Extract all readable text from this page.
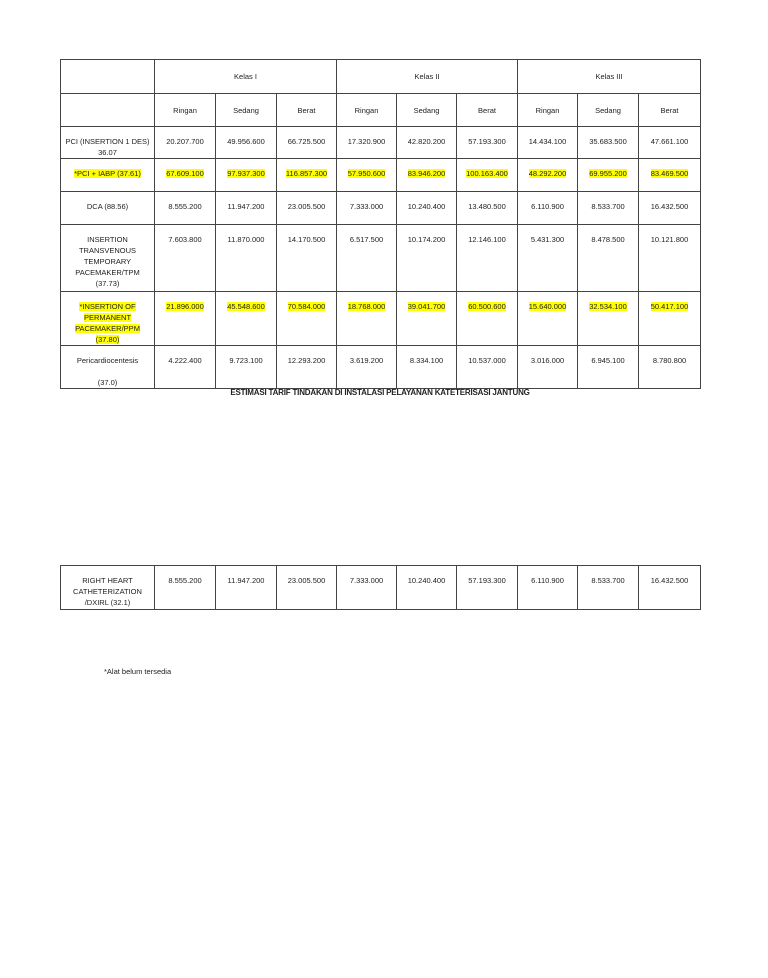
	Kelas I			Kelas II			Kelas III		
	Ringan	Sedang	Berat	Ringan	Sedang	Berat	Ringan	Sedang	Berat
PCI (INSERTION 1 DES)
36.07	20.207.700	49.956.600	66.725.500	17.320.900	42.820.200	57.193.300	14.434.100	35.683.500	47.661.100
*PCI + IABP (37.61)	67.609.100	97.937.300	116.857.300	57.950.600	83.946.200	100.163.400	48.292.200	69.955.200	83.469.500
DCA (88.56)	8.555.200	11.947.200	23.005.500	7.333.000	10.240.400	13.480.500	6.110.900	8.533.700	16.432.500
INSERTION
TRANSVENOUS
TEMPORARY
PACEMAKER/TPM
(37.73)	7.603.800	11.870.000	14.170.500	6.517.500	10.174.200	12.146.100	5.431.300	8.478.500	10.121.800
*INSERTION OF
PERMANENT
PACEMAKER/PPM
(37.80)	21.896.000	45.548.600	70.584.000	18.768.000	39.041.700	60.500.600	15.640.000	32.534.100	50.417.100
Pericardiocentesis

(37.0)	4.222.400	9.723.100	12.293.200	3.619.200	8.334.100	10.537.000	3.016.000	6.945.100	8.780.800
ESTIMASI TARIF TINDAKAN DI INSTALASI PELAYANAN KATETERISASI JANTUNG
RIGHT HEART
CATHETERIZATION
/DXIRL (32.1)	8.555.200	11.947.200	23.005.500	7.333.000	10.240.400	57.193.300	6.110.900	8.533.700	16.432.500
*Alat belum tersedia
